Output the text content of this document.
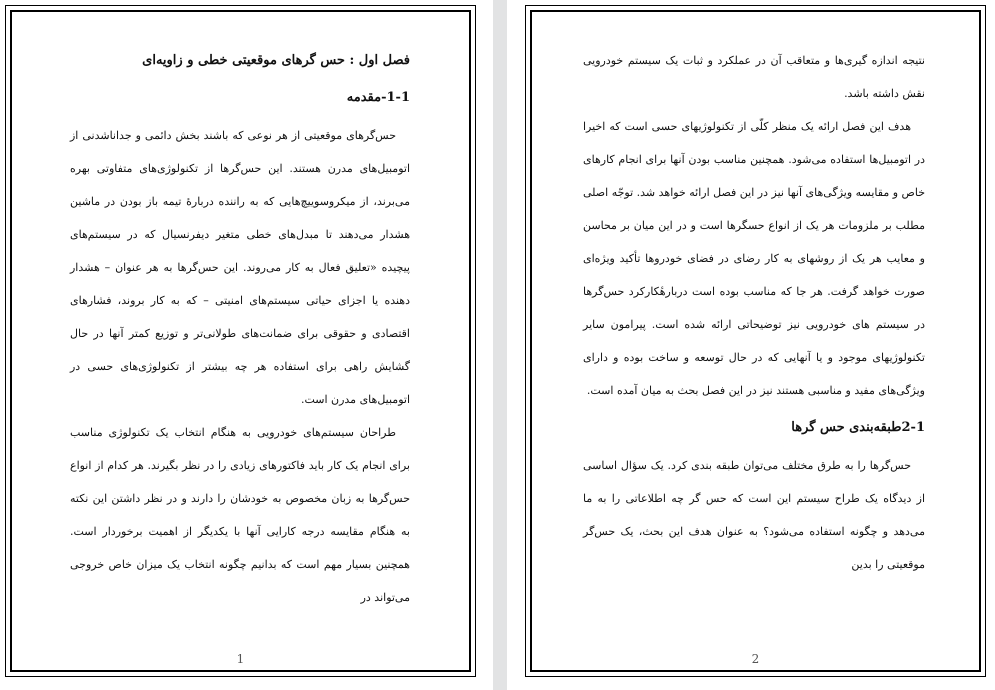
فصل اول : حس گرهای موقعیتی خطی و زاویه‌ای
1-1-مقدمه

حس‌گرهای موقعیتی از هر نوعی که باشند بخش دائمی و جداناشدنی از اتومبیل‌های مدرن هستند. این حس‌گرها از تکنولوژی‌های متفاوتی بهره می‌برند، از میکروسوییچ‌هایی که به راننده دربارهٔ تیمه باز بودن در ماشین هشدار می‌دهند تا مبدل‌های خطی متغیر دیفرنسیال که در سیستم‌های پیچیده «تعلیق فعال به کار می‌روند. این حس‌گرها به هر عنوان – هشدار دهنده یا اجزای حیاتی سیستم‌های امنیتی – که به کار بروند، فشارهای اقتصادی و حقوقی برای ضمانت‌های طولانی‌تر و توزیع کمتر آنها در حال گشایش راهی برای استفاده هر چه بیشتر از تکنولوژی‌های حسی در اتومبیل‌های مدرن است.

طراحان سیستم‌های خودرویی به هنگام انتخاب یک تکنولوژی مناسب برای انجام یک کار باید فاکتورهای زیادی را در نظر بگیرند. هر کدام از انواع حس‌گرها به زبان مخصوص به خودشان را دارند و در نظر داشتن این نکته به هنگام مقایسه درجه کارایی آنها با یکدیگر از اهمیت برخوردار است. همچنین بسیار مهم است که بدانیم چگونه انتخاب یک میزان خاص خروجی می‌تواند در

1

نتیجه اندازه گیری‌ها و متعاقب آن در عملکرد و ثبات یک سیستم خودرویی نقش داشته باشد.

هدف این فصل ارائه یک منظر کلّی از تکنولوژیهای حسی است که اخیرا در اتومبیل‌ها استفاده می‌شود. همچنین مناسب بودن آنها برای انجام کارهای خاص و مقایسه ویژگی‌های آنها نیز در این فصل ارائه خواهد شد. توجّه اصلی مطلب بر ملزومات هر یک از انواع حسگرها است و در این میان بر محاسن و معایب هر یک از روشهای به کار رضای در فضای خودروها تأکید ویژه‌ای صورت خواهد گرفت. هر جا که مناسب بوده است دربارهٔکارکرد حس‌گرها در سیستم های خودرویی نیز توضیحاتی ارائه شده است. پیرامون سایر تکنولوژیهای موجود و یا آنهایی که در حال توسعه و ساخت بوده و دارای ویژگی‌های مفید و مناسبی هستند نیز در این فصل بحث به میان آمده است.

2-1طبقه‌بندی حس گرها

حس‌گرها را به طرق مختلف می‌توان طبقه بندی کرد. یک سؤال اساسی از دیدگاه یک طراح سیستم این است که حس گر چه اطلاعاتی را به ما می‌دهد و چگونه استفاده می‌شود؟ به عنوان هدف این بحث، یک حس‌گر موقعیتی را بدین

2
